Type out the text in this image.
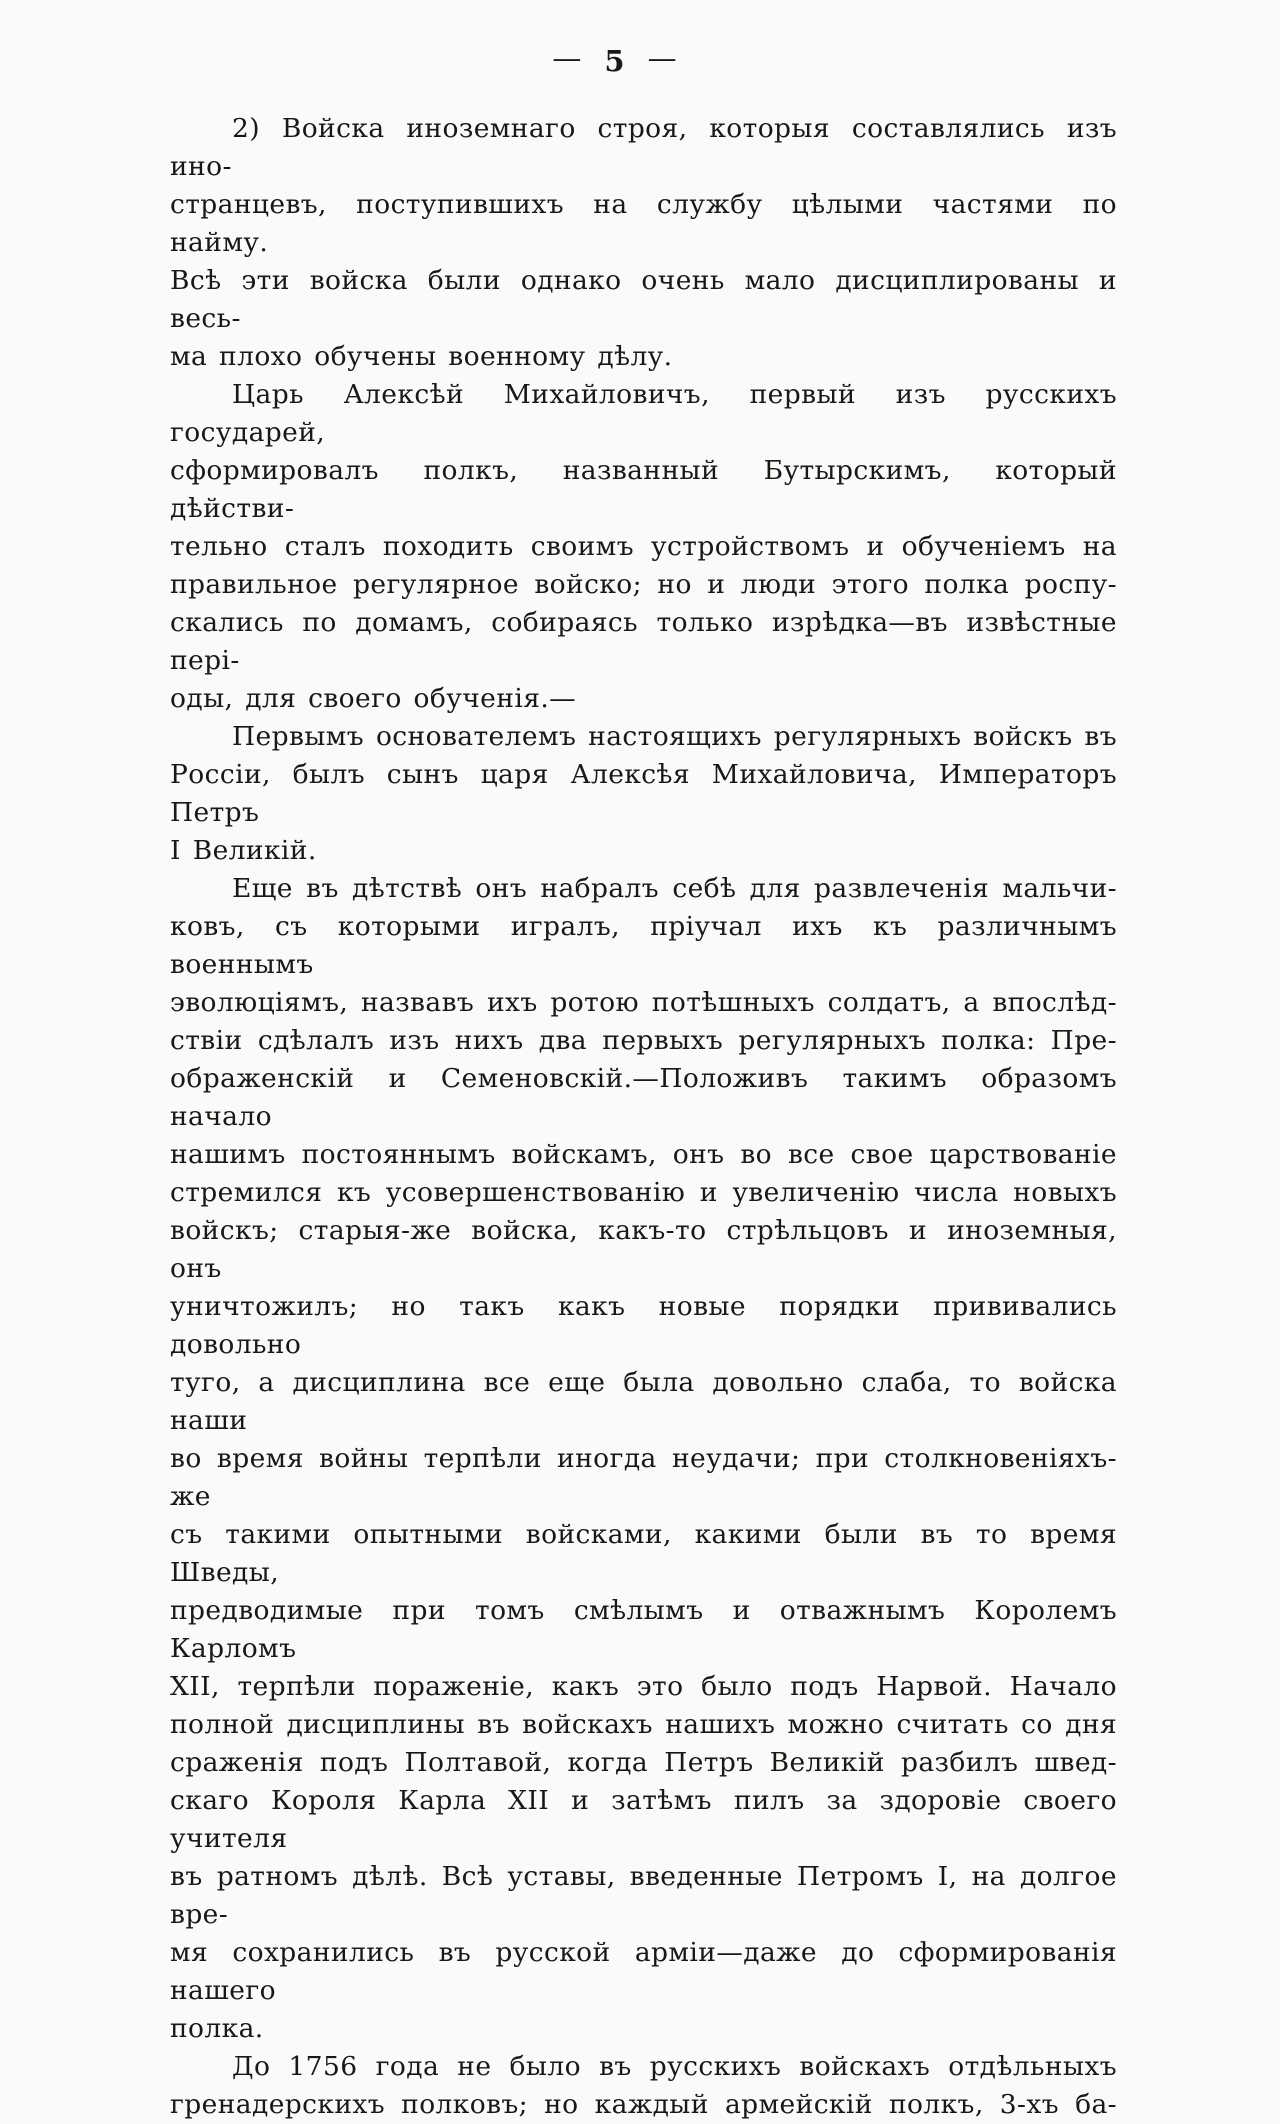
— 5 —
2) Войска иноземнаго строя, которыя составлялись изъ ино-
странцевъ, поступившихъ на службу цѣлыми частями по найму.
Всѣ эти войска были однако очень мало дисциплированы и весь-
ма плохо обучены военному дѣлу.
Царь Алексѣй Михайловичъ, первый изъ русскихъ государей,
сформировалъ полкъ, названный Бутырскимъ, который дѣйстви-
тельно сталъ походить своимъ устройствомъ и обученіемъ на
правильное регулярное войско; но и люди этого полка роспу-
скались по домамъ, собираясь только изрѣдка—въ извѣстные пері-
оды, для своего обученія.—
Первымъ основателемъ настоящихъ регулярныхъ войскъ въ
Россіи, былъ сынъ царя Алексѣя Михайловича, Императоръ Петръ
I Великій.
Еще въ дѣтствѣ онъ набралъ себѣ для развлеченія мальчи-
ковъ, съ которыми игралъ, пріучал ихъ къ различнымъ военнымъ
эволюціямъ, назвавъ ихъ ротою потѣшныхъ солдатъ, а впослѣд-
ствіи сдѣлалъ изъ нихъ два первыхъ регулярныхъ полка: Пре-
ображенскій и Семеновскій.—Положивъ такимъ образомъ начало
нашимъ постояннымъ войскамъ, онъ во все свое царствованіе
стремился къ усовершенствованію и увеличенію числа новыхъ
войскъ; старыя-же войска, какъ-то стрѣльцовъ и иноземныя, онъ
уничтожилъ; но такъ какъ новые порядки прививались довольно
туго, а дисциплина все еще была довольно слаба, то войска наши
во время войны терпѣли иногда неудачи; при столкновеніяхъ-же
съ такими опытными войсками, какими были въ то время Шведы,
предводимые при томъ смѣлымъ и отважнымъ Королемъ Карломъ
XII, терпѣли пораженіе, какъ это было подъ Нарвой. Начало
полной дисциплины въ войскахъ нашихъ можно считать со дня
сраженія подъ Полтавой, когда Петръ Великій разбилъ швед-
скаго Короля Карла XII и затѣмъ пилъ за здоровіе своего учителя
въ ратномъ дѣлѣ. Всѣ уставы, введенные Петромъ I, на долгое вре-
мя сохранились въ русской арміи—даже до сформированія нашего
полка.
До 1756 года не было въ русскихъ войскахъ отдѣльныхъ
гренадерскихъ полковъ; но каждый армейскій полкъ, 3-хъ ба-
